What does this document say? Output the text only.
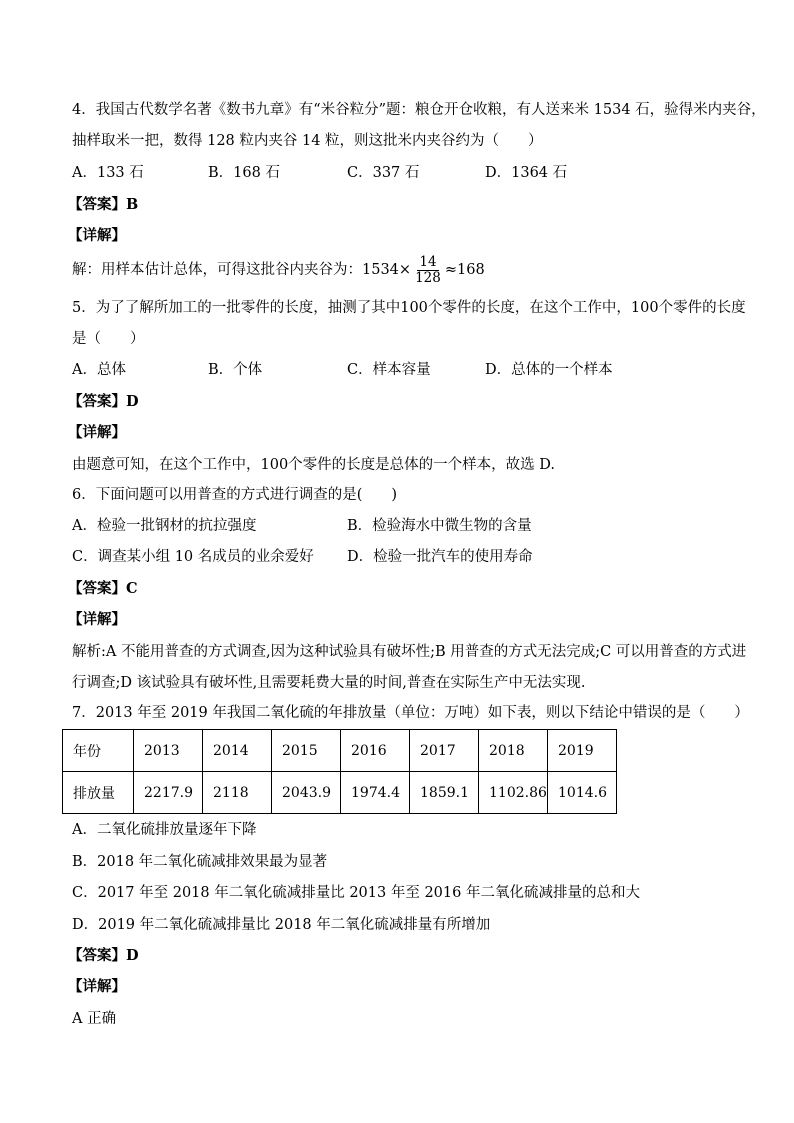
4．我国古代数学名著《数书九章》有“米谷粒分”题：粮仓开仓收粮，有人送来米 1534 石，验得米内夹谷，
抽样取米一把，数得 128 粒内夹谷 14 粒，则这批米内夹谷约为（　　）
A．133 石	B．168 石	C．337 石	D．1364 石
【答案】B
【详解】
解：用样本估计总体，可得这批谷内夹谷为：$1534\times \frac{14}{128} \approx 168$
5．为了了解所加工的一批零件的长度，抽测了其中100个零件的长度，在这个工作中，100个零件的长度
是（　　）
A．总体	B．个体	C．样本容量	D．总体的一个样本
【答案】D
【详解】
由题意可知，在这个工作中，100个零件的长度是总体的一个样本，故选 D.
6．下面问题可以用普查的方式进行调查的是(　　)
A．检验一批钢材的抗拉强度	B．检验海水中微生物的含量
C．调查某小组 10 名成员的业余爱好 D．检验一批汽车的使用寿命
【答案】C
【详解】
解析:A 不能用普查的方式调查,因为这种试验具有破坏性;B 用普查的方式无法完成;C 可以用普查的方式进
行调查;D 该试验具有破坏性,且需要耗费大量的时间,普查在实际生产中无法实现.
7．2013 年至 2019 年我国二氧化硫的年排放量（单位：万吨）如下表，则以下结论中错误的是（　　）
年份	2013	2014	2015	2016	2017	2018	2019
排放量	2217.9	2118	2043.9	1974.4	1859.1	1102.86	1014.6
A．二氧化硫排放量逐年下降
B．2018 年二氧化硫减排效果最为显著
C．2017 年至 2018 年二氧化硫减排量比 2013 年至 2016 年二氧化硫减排量的总和大
D．2019 年二氧化硫减排量比 2018 年二氧化硫减排量有所增加
【答案】D
【详解】
A 正确
